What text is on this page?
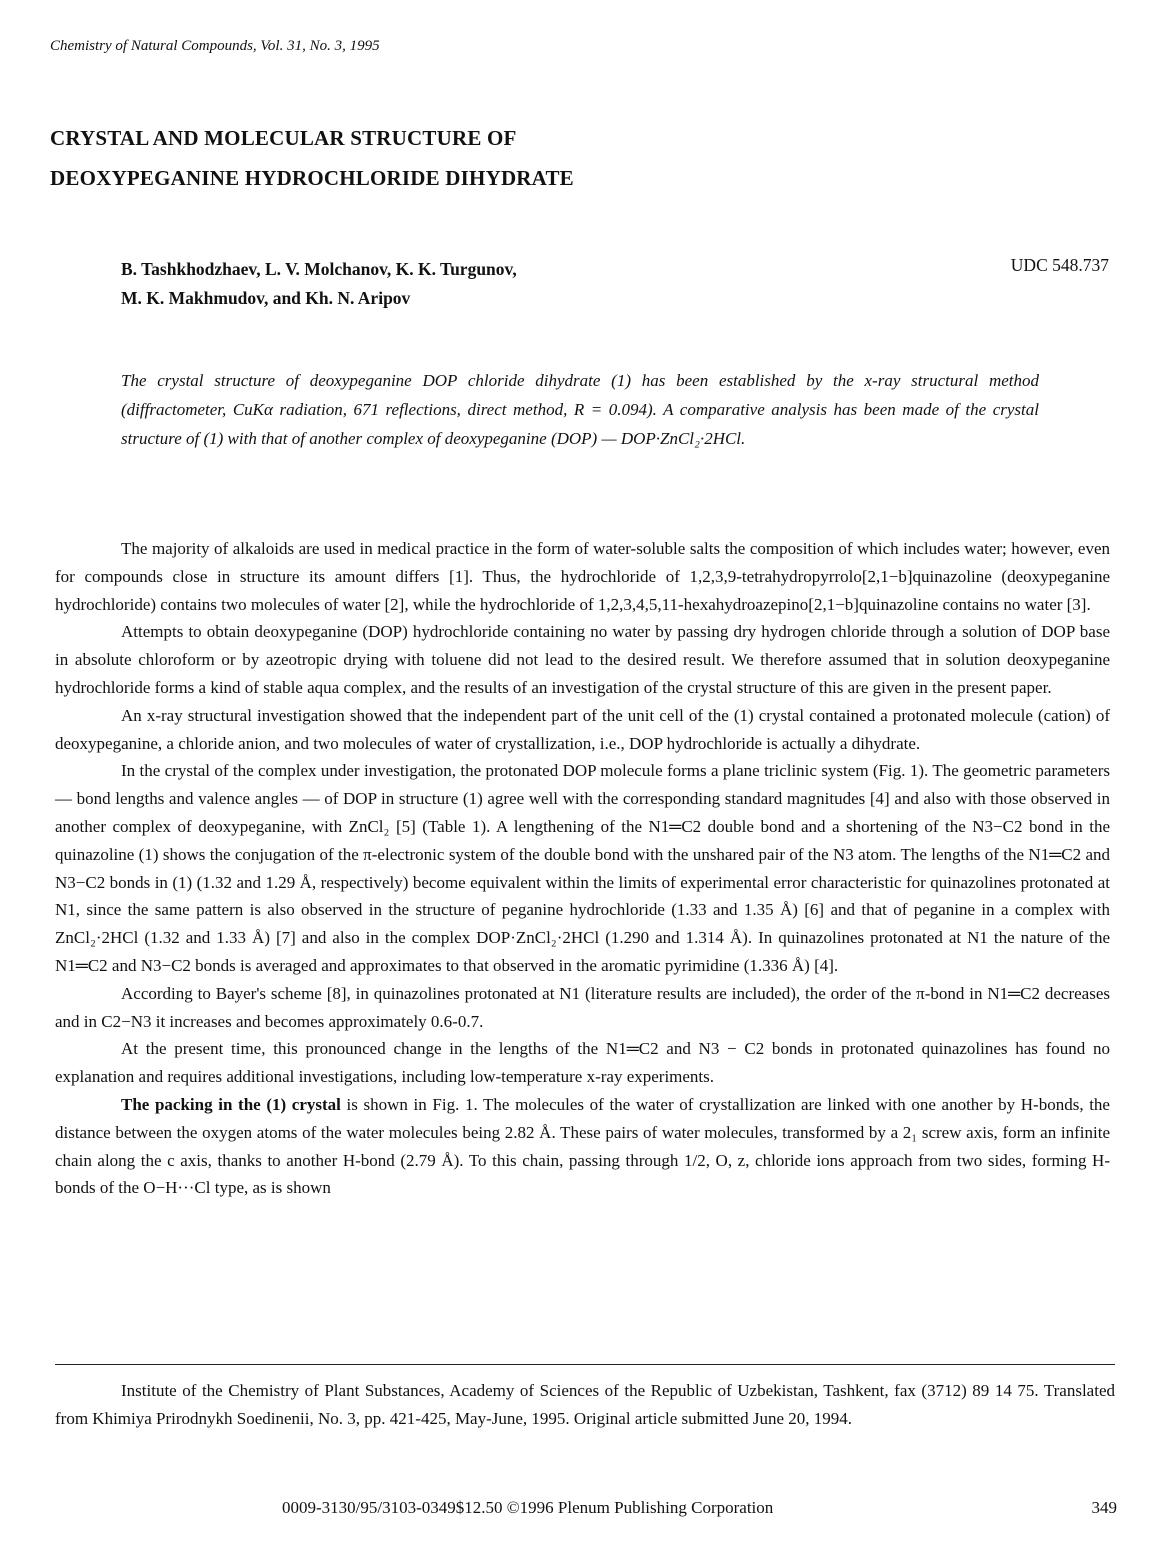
Chemistry of Natural Compounds, Vol. 31, No. 3, 1995
CRYSTAL AND MOLECULAR STRUCTURE OF
DEOXYPEGANINE HYDROCHLORIDE DIHYDRATE
B. Tashkhodzhaev, L. V. Molchanov, K. K. Turgunov,
M. K. Makhmudov, and Kh. N. Aripov
UDC 548.737
The crystal structure of deoxypeganine DOP chloride dihydrate (1) has been established by the x-ray structural method (diffractometer, CuKα radiation, 671 reflections, direct method, R = 0.094). A comparative analysis has been made of the crystal structure of (1) with that of another complex of deoxypeganine (DOP) — DOP·ZnCl₂·2HCl.

The majority of alkaloids are used in medical practice in the form of water-soluble salts the composition of which includes water; however, even for compounds close in structure its amount differs [1]. Thus, the hydrochloride of 1,2,3,9-tetrahydropyrrolo[2,1−b]quinazoline (deoxypeganine hydrochloride) contains two molecules of water [2], while the hydrochloride of 1,2,3,4,5,11-hexahydroazepino[2,1−b]quinazoline contains no water [3].

Attempts to obtain deoxypeganine (DOP) hydrochloride containing no water by passing dry hydrogen chloride through a solution of DOP base in absolute chloroform or by azeotropic drying with toluene did not lead to the desired result. We therefore assumed that in solution deoxypeganine hydrochloride forms a kind of stable aqua complex, and the results of an investigation of the crystal structure of this are given in the present paper.

An x-ray structural investigation showed that the independent part of the unit cell of the (1) crystal contained a protonated molecule (cation) of deoxypeganine, a chloride anion, and two molecules of water of crystallization, i.e., DOP hydrochloride is actually a dihydrate.

In the crystal of the complex under investigation, the protonated DOP molecule forms a plane triclinic system (Fig. 1). The geometric parameters — bond lengths and valence angles — of DOP in structure (1) agree well with the corresponding standard magnitudes [4] and also with those observed in another complex of deoxypeganine, with ZnCl₂ [5] (Table 1). A lengthening of the N1═C2 double bond and a shortening of the N3−C2 bond in the quinazoline (1) shows the conjugation of the π-electronic system of the double bond with the unshared pair of the N3 atom. The lengths of the N1═C2 and N3−C2 bonds in (1) (1.32 and 1.29 Å, respectively) become equivalent within the limits of experimental error characteristic for quinazolines protonated at N1, since the same pattern is also observed in the structure of peganine hydrochloride (1.33 and 1.35 Å) [6] and that of peganine in a complex with ZnCl₂·2HCl (1.32 and 1.33 Å) [7] and also in the complex DOP·ZnCl₂·2HCl (1.290 and 1.314 Å). In quinazolines protonated at N1 the nature of the N1═C2 and N3−C2 bonds is averaged and approximates to that observed in the aromatic pyrimidine (1.336 Å) [4].

According to Bayer's scheme [8], in quinazolines protonated at N1 (literature results are included), the order of the π-bond in N1═C2 decreases and in C2−N3 it increases and becomes approximately 0.6-0.7.

At the present time, this pronounced change in the lengths of the N1═C2 and N3 − C2 bonds in protonated quinazolines has found no explanation and requires additional investigations, including low-temperature x-ray experiments.

The packing in the (1) crystal is shown in Fig. 1. The molecules of the water of crystallization are linked with one another by H-bonds, the distance between the oxygen atoms of the water molecules being 2.82 Å. These pairs of water molecules, transformed by a 2₁ screw axis, form an infinite chain along the c axis, thanks to another H-bond (2.79 Å). To this chain, passing through 1/2, O, z, chloride ions approach from two sides, forming H-bonds of the O−H···Cl type, as is shown

Institute of the Chemistry of Plant Substances, Academy of Sciences of the Republic of Uzbekistan, Tashkent, fax (3712) 89 14 75. Translated from Khimiya Prirodnykh Soedinenii, No. 3, pp. 421-425, May-June, 1995. Original article submitted June 20, 1994.

0009-3130/95/3103-0349$12.50 ©1996 Plenum Publishing Corporation	349
